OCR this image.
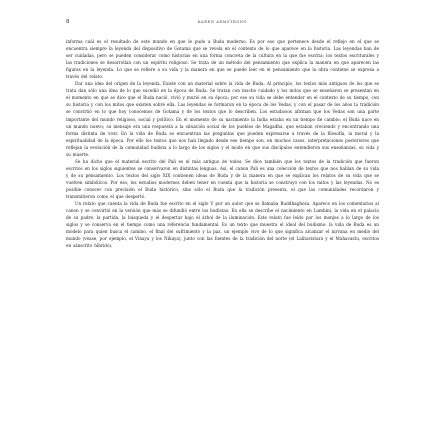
8	KAREN ARMSTRONG

informa cuál es el resultado de este mundo en que le pudo a Buda moderno. Es por eso que pertenece desde el reflejo en el que se encuentra siempre la leyenda del dispositivo de Gotama que se revela en el contexto de lo que aparece en la historia. Las leyendas han de ser cuidadas, pero se pueden considerar como historias en una forma concreta de la cultura en la que fue escrita; los textos escriturales y las tradiciones se desarrollan con un espíritu religioso. Se trata de un método del pensamiento que explica la manera en que aparecen las figuras en la leyenda. Lo que se refiere a su vida y la manera en que se puede leer en el pensamiento que la obra contiene se expresa a través del relato.

Dar una idea del origen de la leyenda. Existe con un material sobre la vida de Buda. Al principio, los textos más antiguos de los que se trata dan sólo una idea de lo que sucedió en la época de Buda. Se tratan con mucho cuidado y los mitos que se enseñaron se presentan en el momento en que se dice que el Buda nació, vivió y murió en su época; por eso su vida se debe entender en el contexto de su tiempo, con su historia y con los mitos que existen sobre ella. Las leyendas se formaron en la época de los Vedas, y con el pasar de los años la tradición se convirtió en lo que hoy conocemos de Gotama y de los textos que lo describen. Los estudiosos afirman que los Vedas son una parte importante del mundo religioso, social y político. En el momento de su nacimiento la India estaba en un tiempo de cambio: el Buda nace en un mundo nuevo; su mensaje era una respuesta a la situación social de los pueblos de Magadha, que estaban creciendo y encontrando una forma distinta de vivir. En la vida de Buda se encuentran las preguntas que pueden expresarse a través de la filosofía, la moral y la espiritualidad de la época. Por ello los textos que nos han llegado desde ese tiempo son, en muchos casos, interpretaciones posteriores que reflejan la evolución de la comunidad budista a lo largo de los siglos y el modo en que sus discípulos entendieron sus enseñanzas, su vida y su muerte.

Se ha dicho que el material escrito del Pali es el más antiguo de todos. Se dice también que los textos de la tradición que fueron escritos en los siglos siguientes se conservaron en distintas lenguas. Así, el canon Pali es una colección de textos que nos hablan de su vida y de su pensamiento. Los textos del siglo XIX contienen ideas de Buda y de la manera en que se explican los relatos de su vida que se vuelven simbólicos. Por eso, los estudios modernos deben tener en cuenta que la historia se construyó con los mitos y las leyendas. No es posible conocer con precisión el Buda histórico, sino sólo el Buda que la tradición presenta, el que las comunidades recordaron y transmitieron como el que despertó.

Un relato que cuenta la vida de Buda fue escrito en el siglo V por un autor que se llamaba Buddhaghosa. Aparece en los comentarios al canon y se convirtió en la versión que más se difundió entre los budistas. En ella se describe el nacimiento en Lumbini, la vida en el palacio de su padre, la partida, la búsqueda y el despertar bajo el árbol de la iluminación. Este relato fue leído por los monjes a lo largo de los siglos y se conserva en el tiempo como una referencia fundamental. Es un texto que muestra el ideal del budismo: la vida de Buda es un modelo para quien busca el camino, el final del sufrimiento y la paz, un ejemplo vivo de lo que significa alcanzar el nirvana en medio del mundo (véase, por ejemplo, el Vinaya y los Nikaya), junto con las fuentes de la tradición del norte (el Lalitavistara y el Mahavastu, escritos en sánscrito híbrido).
